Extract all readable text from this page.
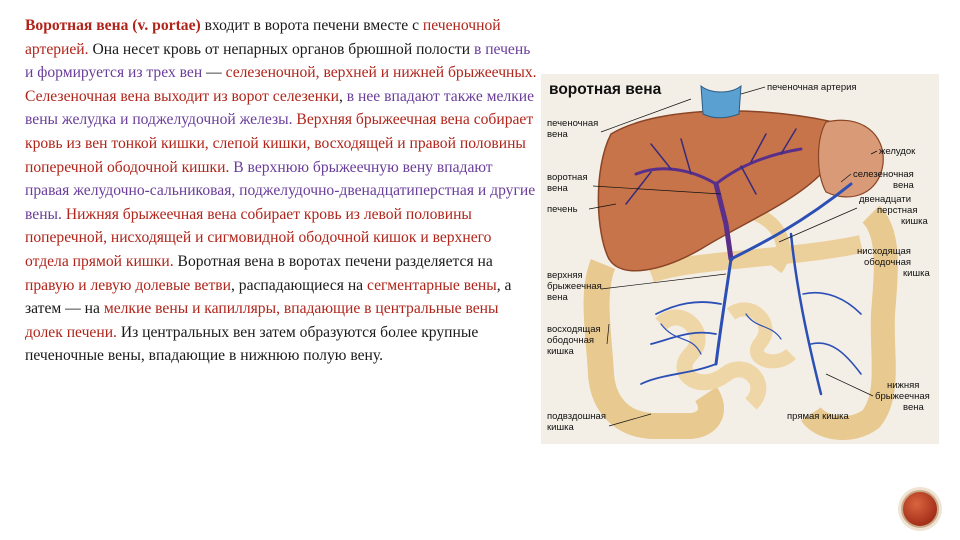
Воротная вена (v. portae) входит в ворота печени вместе с печеночной артерией. Она несет кровь от непарных органов брюшной полости в печень и формируется из трех вен — селезеночной, верхней и нижней брыжеечных. Селезеночная вена выходит из ворот селезенки, в нее впадают также мелкие вены желудка и поджелудочной железы. Верхняя брыжеечная вена собирает кровь из вен тонкой кишки, слепой кишки, восходящей и правой половины поперечной ободочной кишки. В верхнюю брыжеечную вену впадают правая желудочно-сальниковая, поджелудочно-двенадцатиперстная и другие вены. Нижняя брыжеечная вена собирает кровь из левой половины поперечной, нисходящей и сигмовидной ободочной кишок и верхнего отдела прямой кишки. Воротная вена в воротах печени разделяется на правую и левую долевые ветви, распадающиеся на сегментарные вены, а затем — на мелкие вены и капилляры, впадающие в центральные вены долек печени. Из центральных вен затем образуются более крупные печеночные вены, впадающие в нижнюю полую вену.
воротная вена	печеночная артерия
печеночная
вена
желудок
воротная
вена
селезеночная
вена
печень
двенадцати
перстная
кишка
нисходящая
ободочная
кишка
верхняя
брыжеечная
вена
восходящая
ободочная
кишка
нижняя
брыжеечная
вена
подвздошная
кишка
прямая кишка
